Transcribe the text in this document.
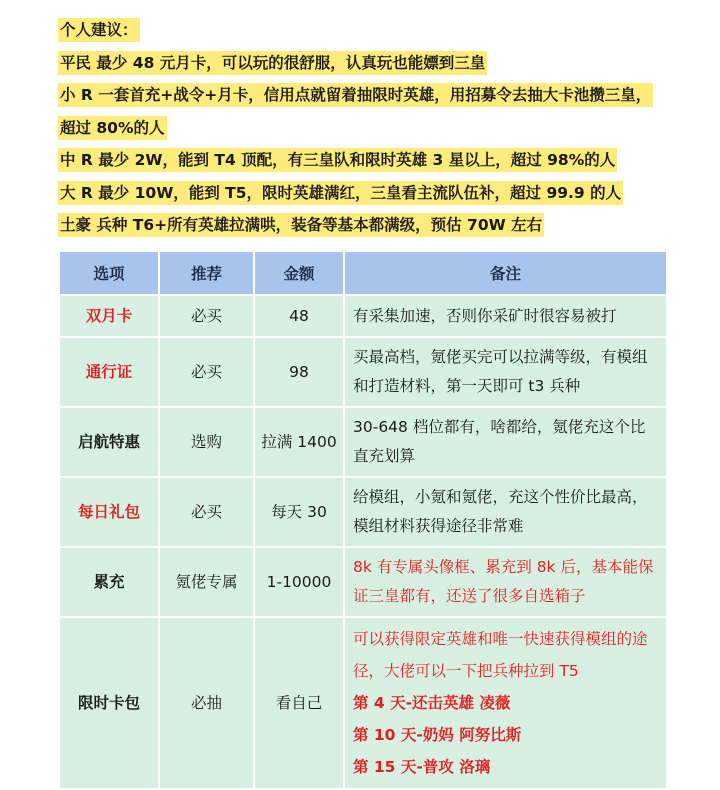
个人建议：
平民 最少 48 元月卡，可以玩的很舒服，认真玩也能嫖到三皇
小 R 一套首充+战令+月卡，信用点就留着抽限时英雄，用招募令去抽大卡池攒三皇，超过 80%的人
中 R 最少 2W，能到 T4 顶配，有三皇队和限时英雄 3 星以上，超过 98%的人
大 R 最少 10W，能到 T5，限时英雄满红，三皇看主流队伍补，超过 99.9 的人
土豪 兵种 T6+所有英雄拉满哄，装备等基本都满级，预估 70W 左右
选项	推荐	金额	备注
双月卡	必买	48	有采集加速，否则你采矿时很容易被打
通行证	必买	98	买最高档，氪佬买完可以拉满等级，有模组和打造材料，第一天即可 t3 兵种
启航特惠	选购	拉满 1400	30-648 档位都有，啥都给，氪佬充这个比直充划算
每日礼包	必买	每天 30	给模组，小氪和氪佬，充这个性价比最高，模组材料获得途径非常难
累充	氪佬专属	1-10000	8k 有专属头像框、累充到 8k 后，基本能保证三皇都有，还送了很多自选箱子
限时卡包	必抽	看自己	可以获得限定英雄和唯一快速获得模组的途径，大佬可以一下把兵种拉到 T5
第 4 天-还击英雄 凌薇
第 10 天-奶妈 阿努比斯
第 15 天-普攻 洛璃
